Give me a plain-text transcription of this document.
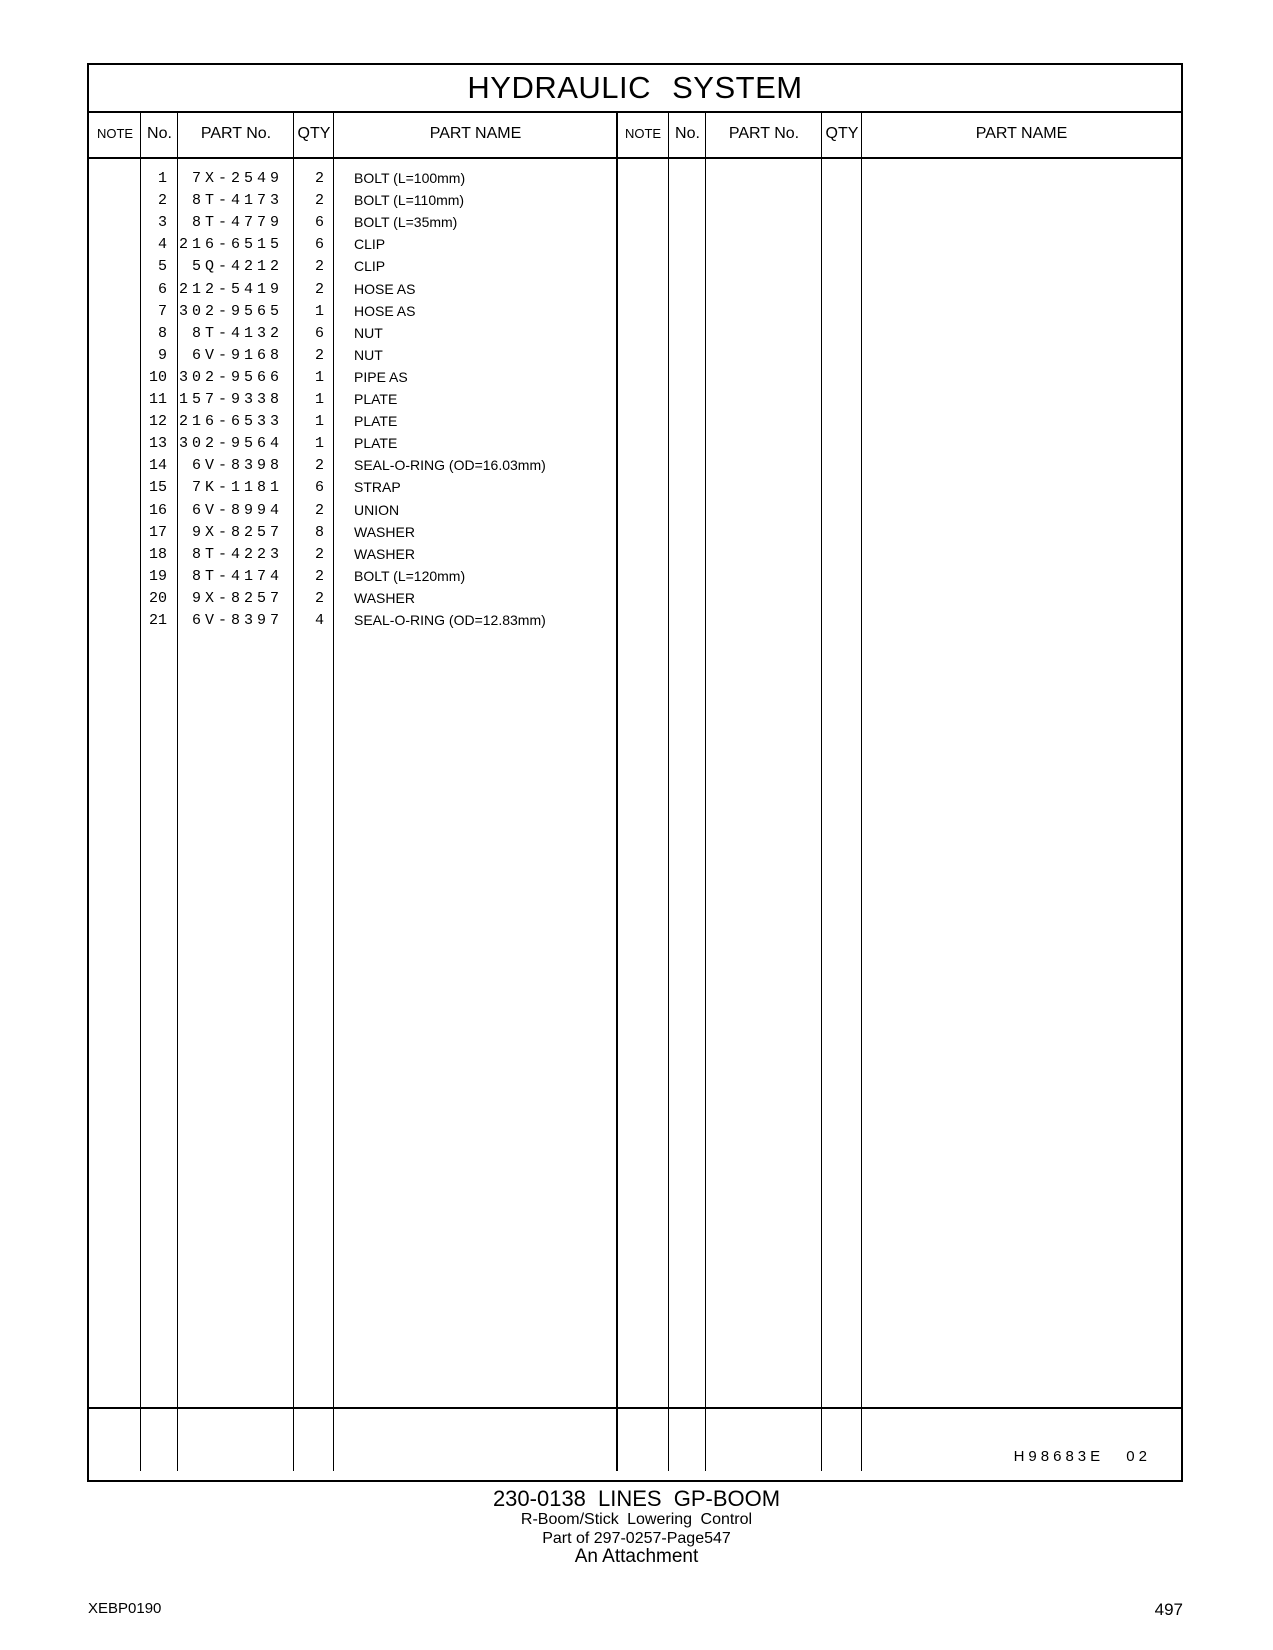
HYDRAULIC SYSTEM
NOTE No.	PART No.	QTY	PART NAME	NOTE No.	PART No.	QTY	PART NAME
1	7X-2549	2 BOLT (L=100mm)
2	8T-4173	2 BOLT (L=110mm)
3	8T-4779	6 BOLT (L=35mm)
4 216-6515	6 CLIP
5	5Q-4212	2 CLIP
6 212-5419	2 HOSE AS
7 302-9565	1 HOSE AS
8	8T-4132	6 NUT
9	6V-9168	2 NUT
10 302-9566	1 PIPE AS
11 157-9338	1 PLATE
12 216-6533	1 PLATE
13 302-9564	1 PLATE
14	6V-8398	2 SEAL-O-RING (OD=16.03mm)
15	7K-1181	6 STRAP
16	6V-8994	2 UNION
17	9X-8257	8 WASHER
18	8T-4223	2 WASHER
19	8T-4174	2 BOLT (L=120mm)
20	9X-8257	2 WASHER
21	6V-8397	4 SEAL-O-RING (OD=12.83mm)
H98683E 02
230-0138 LINES GP-BOOM
R-Boom/Stick Lowering Control
Part of 297-0257-Page547
An Attachment
XEBP0190	497
